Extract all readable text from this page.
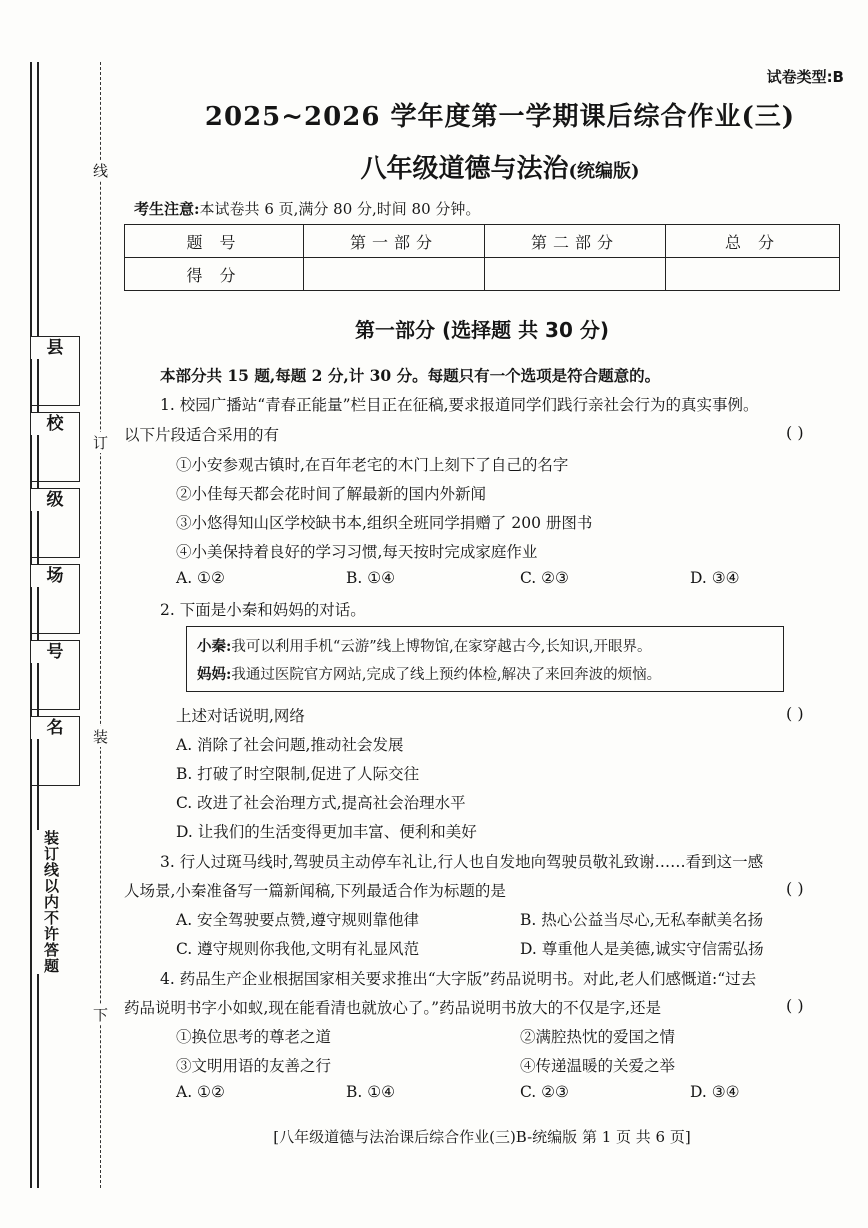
线
订
装
下
县
校
级
场
号
名
装订线以内不许答题
试卷类型:B
2025~2026 学年度第一学期课后综合作业(三)
八年级道德与法治(统编版)
考生注意:本试卷共 6 页,满分 80 分,时间 80 分钟。
题 号	第一部分	第二部分	总 分
得 分			
第一部分 (选择题 共 30 分)
本部分共 15 题,每题 2 分,计 30 分。每题只有一个选项是符合题意的。
1. 校园广播站“青春正能量”栏目正在征稿,要求报道同学们践行亲社会行为的真实事例。
以下片段适合采用的有	( )
①小安参观古镇时,在百年老宅的木门上刻下了自己的名字
②小佳每天都会花时间了解最新的国内外新闻
③小悠得知山区学校缺书本,组织全班同学捐赠了 200 册图书
④小美保持着良好的学习习惯,每天按时完成家庭作业
A. ①②	B. ①④	C. ②③	D. ③④
2. 下面是小秦和妈妈的对话。
小秦:我可以利用手机“云游”线上博物馆,在家穿越古今,长知识,开眼界。
妈妈:我通过医院官方网站,完成了线上预约体检,解决了来回奔波的烦恼。
上述对话说明,网络	( )
A. 消除了社会问题,推动社会发展
B. 打破了时空限制,促进了人际交往
C. 改进了社会治理方式,提高社会治理水平
D. 让我们的生活变得更加丰富、便利和美好
3. 行人过斑马线时,驾驶员主动停车礼让,行人也自发地向驾驶员敬礼致谢……看到这一感
人场景,小秦准备写一篇新闻稿,下列最适合作为标题的是	( )
A. 安全驾驶要点赞,遵守规则靠他律	B. 热心公益当尽心,无私奉献美名扬
C. 遵守规则你我他,文明有礼显风范	D. 尊重他人是美德,诚实守信需弘扬
4. 药品生产企业根据国家相关要求推出“大字版”药品说明书。对此,老人们感慨道:“过去
药品说明书字小如蚁,现在能看清也就放心了。”药品说明书放大的不仅是字,还是	( )
①换位思考的尊老之道	②满腔热忱的爱国之情
③文明用语的友善之行	④传递温暖的关爱之举
A. ①②	B. ①④	C. ②③	D. ③④
[八年级道德与法治课后综合作业(三)B-统编版 第 1 页 共 6 页]
